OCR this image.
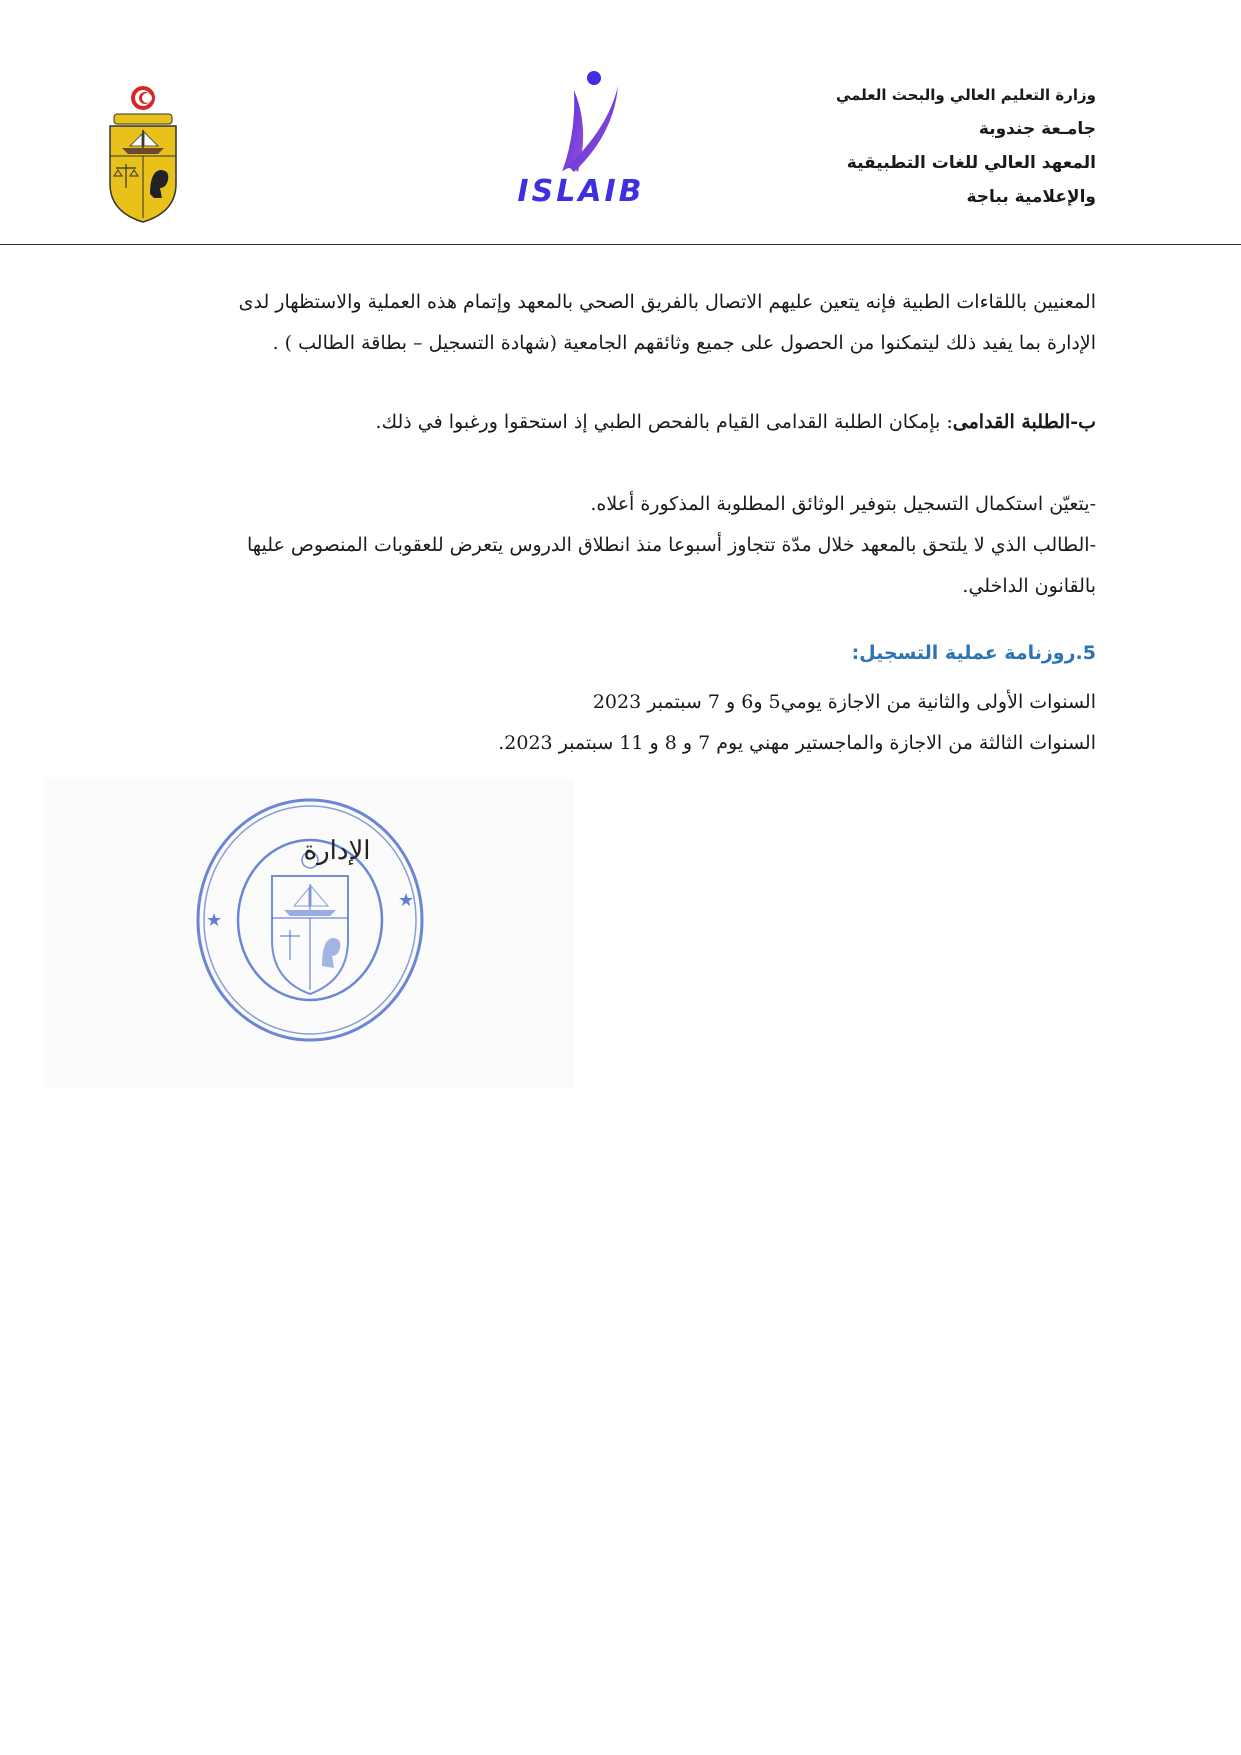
ISLAIB
وزارة التعليم العالي والبحث العلمي
جامـعة جندوبة
المعهد العالي للغات التطبيقية
والإعلامية بباجة
المعنيين باللقاءات الطبية فإنه يتعين عليهم الاتصال بالفريق الصحي بالمعهد وإتمام هذه العملية والاستظهار لدى
الإدارة بما يفيد ذلك ليتمكنوا من الحصول على جميع وثائقهم الجامعية (شهادة التسجيل – بطاقة الطالب ) .
ب-الطلبة القدامى: بإمكان الطلبة القدامى القيام بالفحص الطبي إذ استحقوا ورغبوا في ذلك.
-يتعيّن استكمال التسجيل بتوفير الوثائق المطلوبة المذكورة أعلاه.
-الطالب الذي لا يلتحق بالمعهد خلال مدّة تتجاوز أسبوعا منذ انطلاق الدروس يتعرض للعقوبات المنصوص عليها
بالقانون الداخلي.
5.روزنامة عملية التسجيل:
السنوات الأولى والثانية من الاجازة يومي5 و6 و 7 سبتمبر 2023
السنوات الثالثة من الاجازة والماجستير مهني يوم 7 و 8 و 11 سبتمبر 2023.
★
★
الإدارة
